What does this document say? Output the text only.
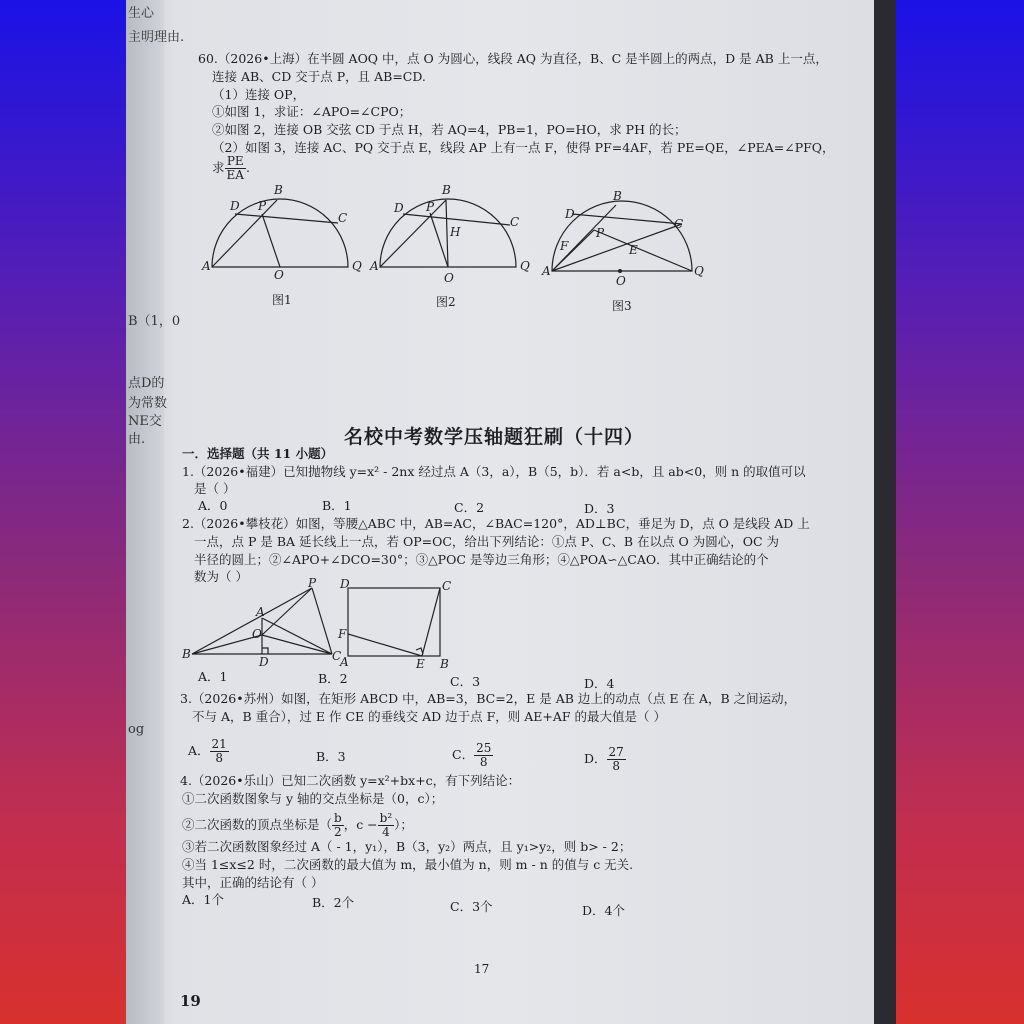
60.（2026•上海）在半圆 AOQ 中，点 O 为圆心，线段 AQ 为直径，B、C 是半圆上的两点，D 是 AB 上一点，
连接 AB、CD 交于点 P，且 AB=CD.
（1）连接 OP，
①如图 1，求证：∠APO=∠CPO；
②如图 2，连接 OB 交弦 CD 于点 H，若 AQ=4，PB=1，PO=HO，求 PH 的长；
（2）如图 3，连接 AC、PQ 交于点 E，线段 AP 上有一点 F，使得 PF=4AF，若 PE=QE，∠PEA=∠PFQ，
求 $\frac{PE}{EA}$ .
B
D P
C
A
O
Q
图1
B
D P
H
C
A
O
Q
图2
B
D
C
P
E
F
A
O
Q
图3
名校中考数学压轴题狂刷（十四）
一．选择题（共 11 小题）
1.（2026•福建）已知抛物线 y=x² - 2nx 经过点 A（3，a），B（5，b）．若 a<b，且 ab<0，则 n 的取值可以
是（ ）
A．0	B．1	C．2	D．3
2.（2026•攀枝花）如图，等腰△ABC 中，AB=AC，∠BAC=120°，AD⊥BC，垂足为 D，点 O 是线段 AD 上
一点，点 P 是 BA 延长线上一点，若 OP=OC，给出下列结论：①点 P、C、B 在以点 O 为圆心，OC 为
半径的圆上；②∠APO+∠DCO=30°；③△POC 是等边三角形；④△POA∽△CAO．其中正确结论的个
数为（ ）	P
A
O
B
D	C
D	C
F
A	E B
A．1	B．2	C．3	D．4
3.（2026•苏州）如图，在矩形 ABCD 中，AB=3，BC=2，E 是 AB 边上的动点（点 E 在 A，B 之间运动，
不与 A，B 重合），过 E 作 CE 的垂线交 AD 边于点 F，则 AE+AF 的最大值是（ ）
A． $\frac{21}{8}$	B．3	C． $\frac{25}{8}$	D． $\frac{27}{8}$
4.（2026•乐山）已知二次函数 y=x²+bx+c，有下列结论：
①二次函数图象与 y 轴的交点坐标是（0，c）；
②二次函数的顶点坐标是（ $\frac{b}{2}$ ，$c - \frac{\text{b²}}{4}$ ）；
③若二次函数图象经过 A（ - 1，y₁），B（3，y₂）两点，且 y₁>y₂，则 b> - 2；
④当 1≤x≤2 时，二次函数的最大值为 m，最小值为 n，则 m - n 的值与 c 无关.
其中，正确的结论有（ ）
A．1个	B．2个	C．3个	D．4个
17
19
生心
主明理由.
B（1，0
点D的
为常数
NE交
由.
og
